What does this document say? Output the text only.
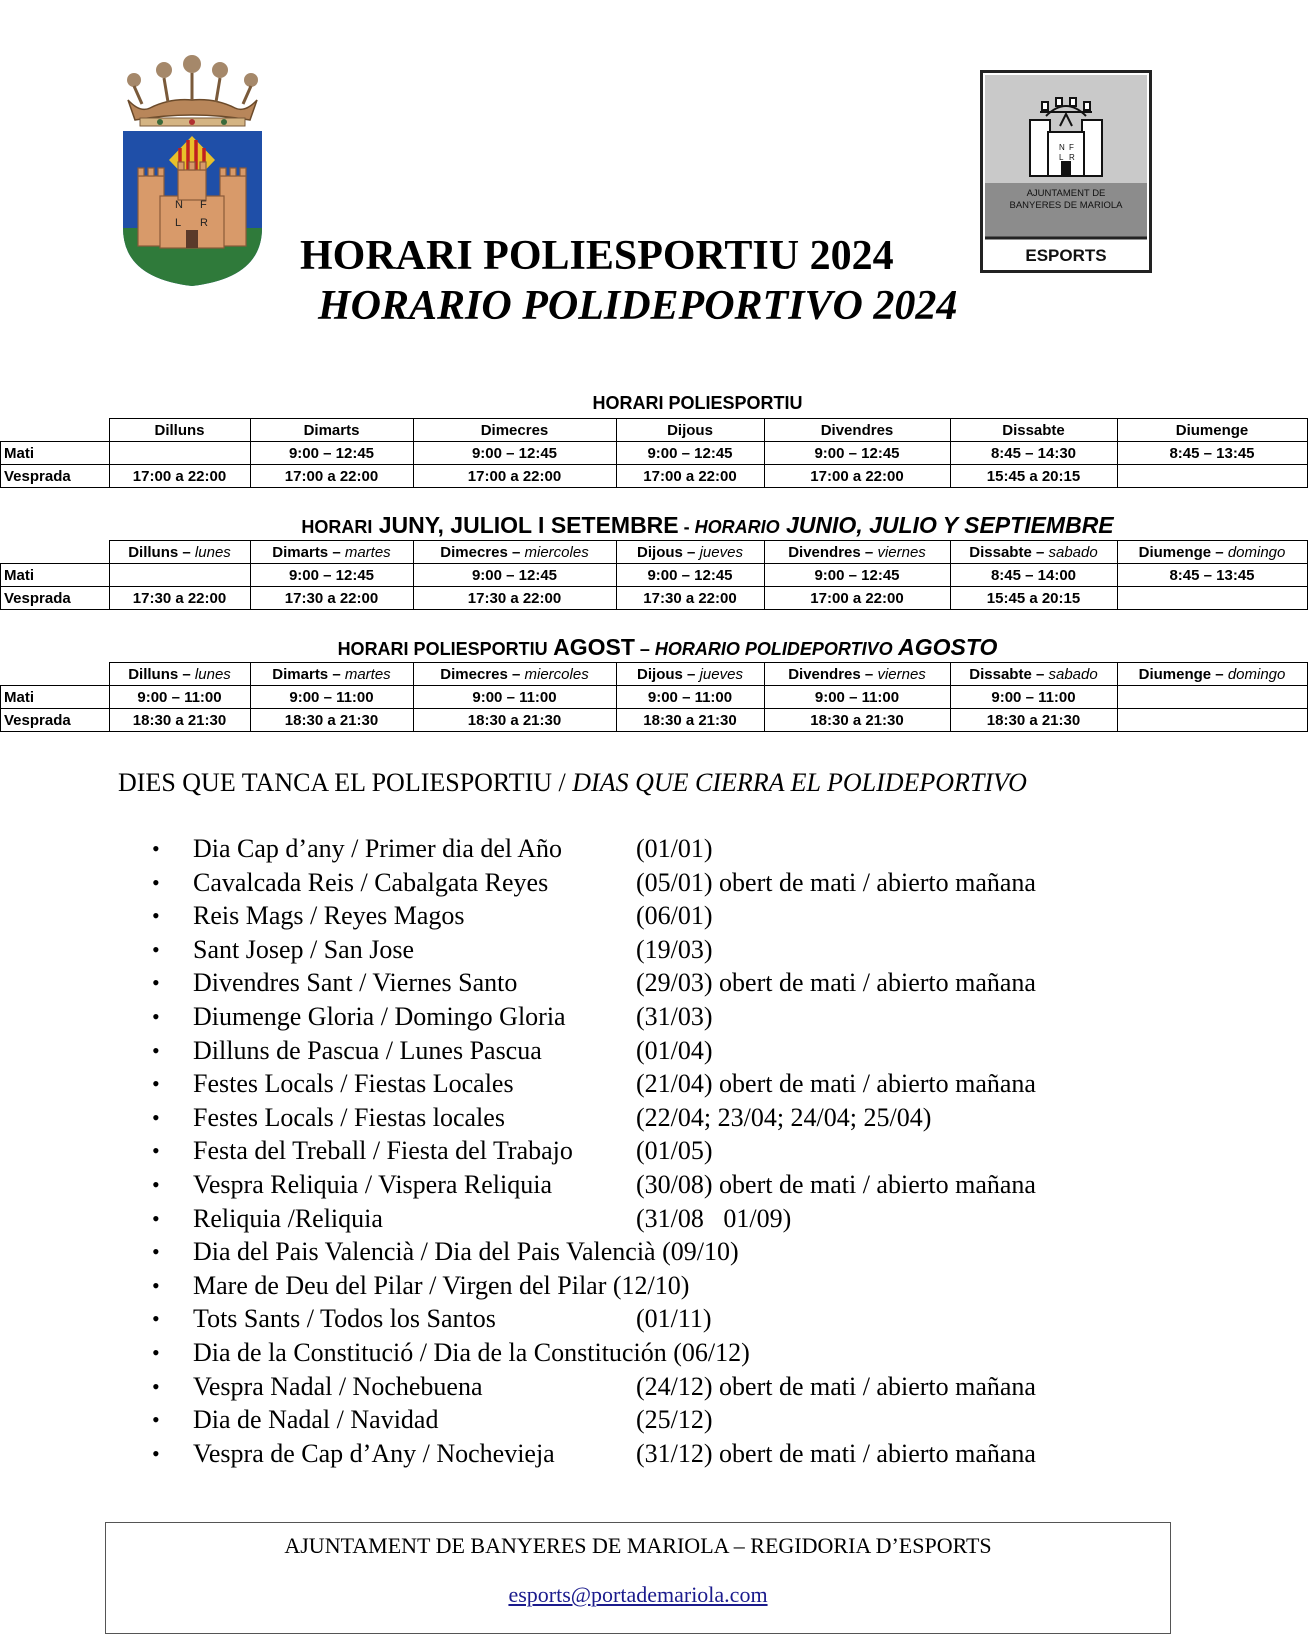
N F
L R
HORARI POLIESPORTIU 2024
HORARIO POLIDEPORTIVO 2024
N F
L R
AJUNTAMENT DE
BANYERES DE MARIOLA
ESPORTS
HORARI POLIESPORTIU
	Dilluns	Dimarts	Dimecres	Dijous	Divendres	Dissabte	Diumenge
Mati		9:00 – 12:45	9:00 – 12:45	9:00 – 12:45	9:00 – 12:45	8:45 – 14:30	8:45 – 13:45
Vesprada	17:00 a 22:00	17:00 a 22:00	17:00 a 22:00	17:00 a 22:00	17:00 a 22:00	15:45 a 20:15	
HORARI JUNY, JULIOL I SETEMBRE - HORARIO JUNIO, JULIO Y SEPTIEMBRE
	Dilluns – lunes	Dimarts – martes	Dimecres – miercoles	Dijous – jueves	Divendres – viernes	Dissabte – sabado	Diumenge – domingo
Mati		9:00 – 12:45	9:00 – 12:45	9:00 – 12:45	9:00 – 12:45	8:45 – 14:00	8:45 – 13:45
Vesprada	17:30 a 22:00	17:30 a 22:00	17:30 a 22:00	17:30 a 22:00	17:00 a 22:00	15:45 a 20:15	
HORARI POLIESPORTIU AGOST – HORARIO POLIDEPORTIVO AGOSTO
	Dilluns – lunes	Dimarts – martes	Dimecres – miercoles	Dijous – jueves	Divendres – viernes	Dissabte – sabado	Diumenge – domingo
Mati	9:00 – 11:00	9:00 – 11:00	9:00 – 11:00	9:00 – 11:00	9:00 – 11:00	9:00 – 11:00	
Vesprada	18:30 a 21:30	18:30 a 21:30	18:30 a 21:30	18:30 a 21:30	18:30 a 21:30	18:30 a 21:30	
DIES QUE TANCA EL POLIESPORTIU / DIAS QUE CIERRA EL POLIDEPORTIVO
• Dia Cap d’any / Primer dia del Año	(01/01)
• Cavalcada Reis / Cabalgata Reyes	(05/01) obert de mati / abierto mañana
• Reis Mags / Reyes Magos	(06/01)
• Sant Josep / San Jose	(19/03)
• Divendres Sant / Viernes Santo	(29/03) obert de mati / abierto mañana
• Diumenge Gloria / Domingo Gloria	(31/03)
• Dilluns de Pascua / Lunes Pascua	(01/04)
• Festes Locals / Fiestas Locales	(21/04) obert de mati / abierto mañana
• Festes Locals / Fiestas locales	(22/04; 23/04; 24/04; 25/04)
• Festa del Treball / Fiesta del Trabajo (01/05)
• Vespra Reliquia / Vispera Reliquia	(30/08) obert de mati / abierto mañana
• Reliquia /Reliquia	(31/08   01/09)
• Dia del Pais Valencià / Dia del Pais Valencià (09/10)
• Mare de Deu del Pilar / Virgen del Pilar (12/10)
• Tots Sants / Todos los Santos	(01/11)
• Dia de la Constitució / Dia de la Constitución (06/12)
• Vespra Nadal / Nochebuena	(24/12) obert de mati / abierto mañana
• Dia de Nadal / Navidad	(25/12)
• Vespra de Cap d’Any / Nochevieja	(31/12) obert de mati / abierto mañana
AJUNTAMENT DE BANYERES DE MARIOLA – REGIDORIA D’ESPORTS
esports@portademariola.com
